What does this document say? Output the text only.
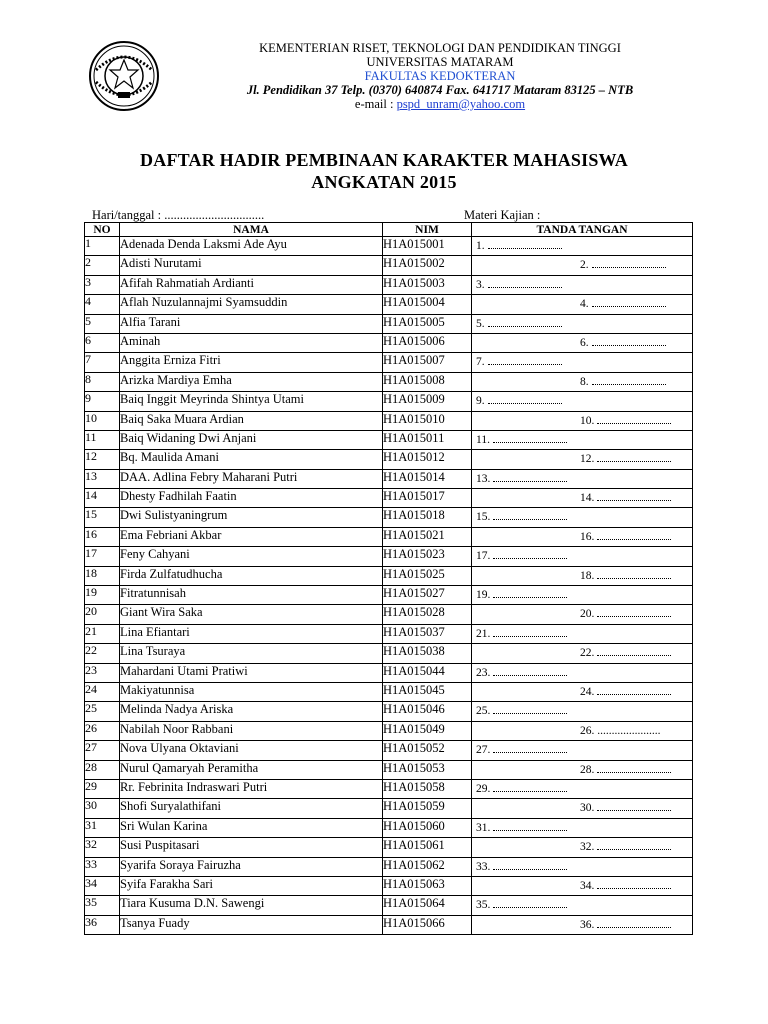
KEMENTERIAN RISET, TEKNOLOGI DAN PENDIDIKAN TINGGI
UNIVERSITAS MATARAM
FAKULTAS KEDOKTERAN
Jl. Pendidikan 37 Telp. (0370) 640874 Fax. 641717 Mataram 83125 – NTB
e-mail : pspd_unram@yahoo.com
DAFTAR HADIR PEMBINAAN KARAKTER MAHASISWA
ANGKATAN 2015
Hari/tanggal : ................................	Materi Kajian :
NO	NAMA	NIM	TANDA TANGAN
1	Adenada Denda Laksmi Ade Ayu	H1A015001	1.

2	Adisti Nurutami	H1A015002	2.

3	Afifah Rahmatiah Ardianti	H1A015003	3.

4	Aflah Nuzulannajmi Syamsuddin	H1A015004	4.

5	Alfia Tarani	H1A015005	5.

6	Aminah	H1A015006	6.

7	Anggita Erniza Fitri	H1A015007	7.

8	Arizka Mardiya Emha	H1A015008	8.

9	Baiq Inggit Meyrinda Shintya Utami	H1A015009	9.

10	Baiq Saka Muara Ardian	H1A015010	10.

11	Baiq Widaning Dwi Anjani	H1A015011	11.

12	Bq. Maulida Amani	H1A015012	12.

13	DAA. Adlina Febry Maharani Putri	H1A015014	13.

14	Dhesty Fadhilah Faatin	H1A015017	14.

15	Dwi Sulistyaningrum	H1A015018	15.

16	Ema Febriani Akbar	H1A015021	16.

17	Feny Cahyani	H1A015023	17.

18	Firda Zulfatudhucha	H1A015025	18.

19	Fitratunnisah	H1A015027	19.

20	Giant Wira Saka	H1A015028	20.

21	Lina Efiantari	H1A015037	21.

22	Lina Tsuraya	H1A015038	22.

23	Mahardani Utami Pratiwi	H1A015044	23.

24	Makiyatunnisa	H1A015045	24.

25	Melinda Nadya Ariska	H1A015046	25.

26	Nabilah Noor Rabbani	H1A015049	26. ......................

27	Nova Ulyana Oktaviani	H1A015052	27.

28	Nurul Qamaryah Peramitha	H1A015053	28.

29	Rr. Febrinita Indraswari Putri	H1A015058	29.

30	Shofi Suryalathifani	H1A015059	30.

31	Sri Wulan Karina	H1A015060	31.

32	Susi Puspitasari	H1A015061	32.

33	Syarifa Soraya Fairuzha	H1A015062	33.

34	Syifa Farakha Sari	H1A015063	34.

35	Tiara Kusuma D.N. Sawengi	H1A015064	35.

36	Tsanya Fuady	H1A015066	36.
